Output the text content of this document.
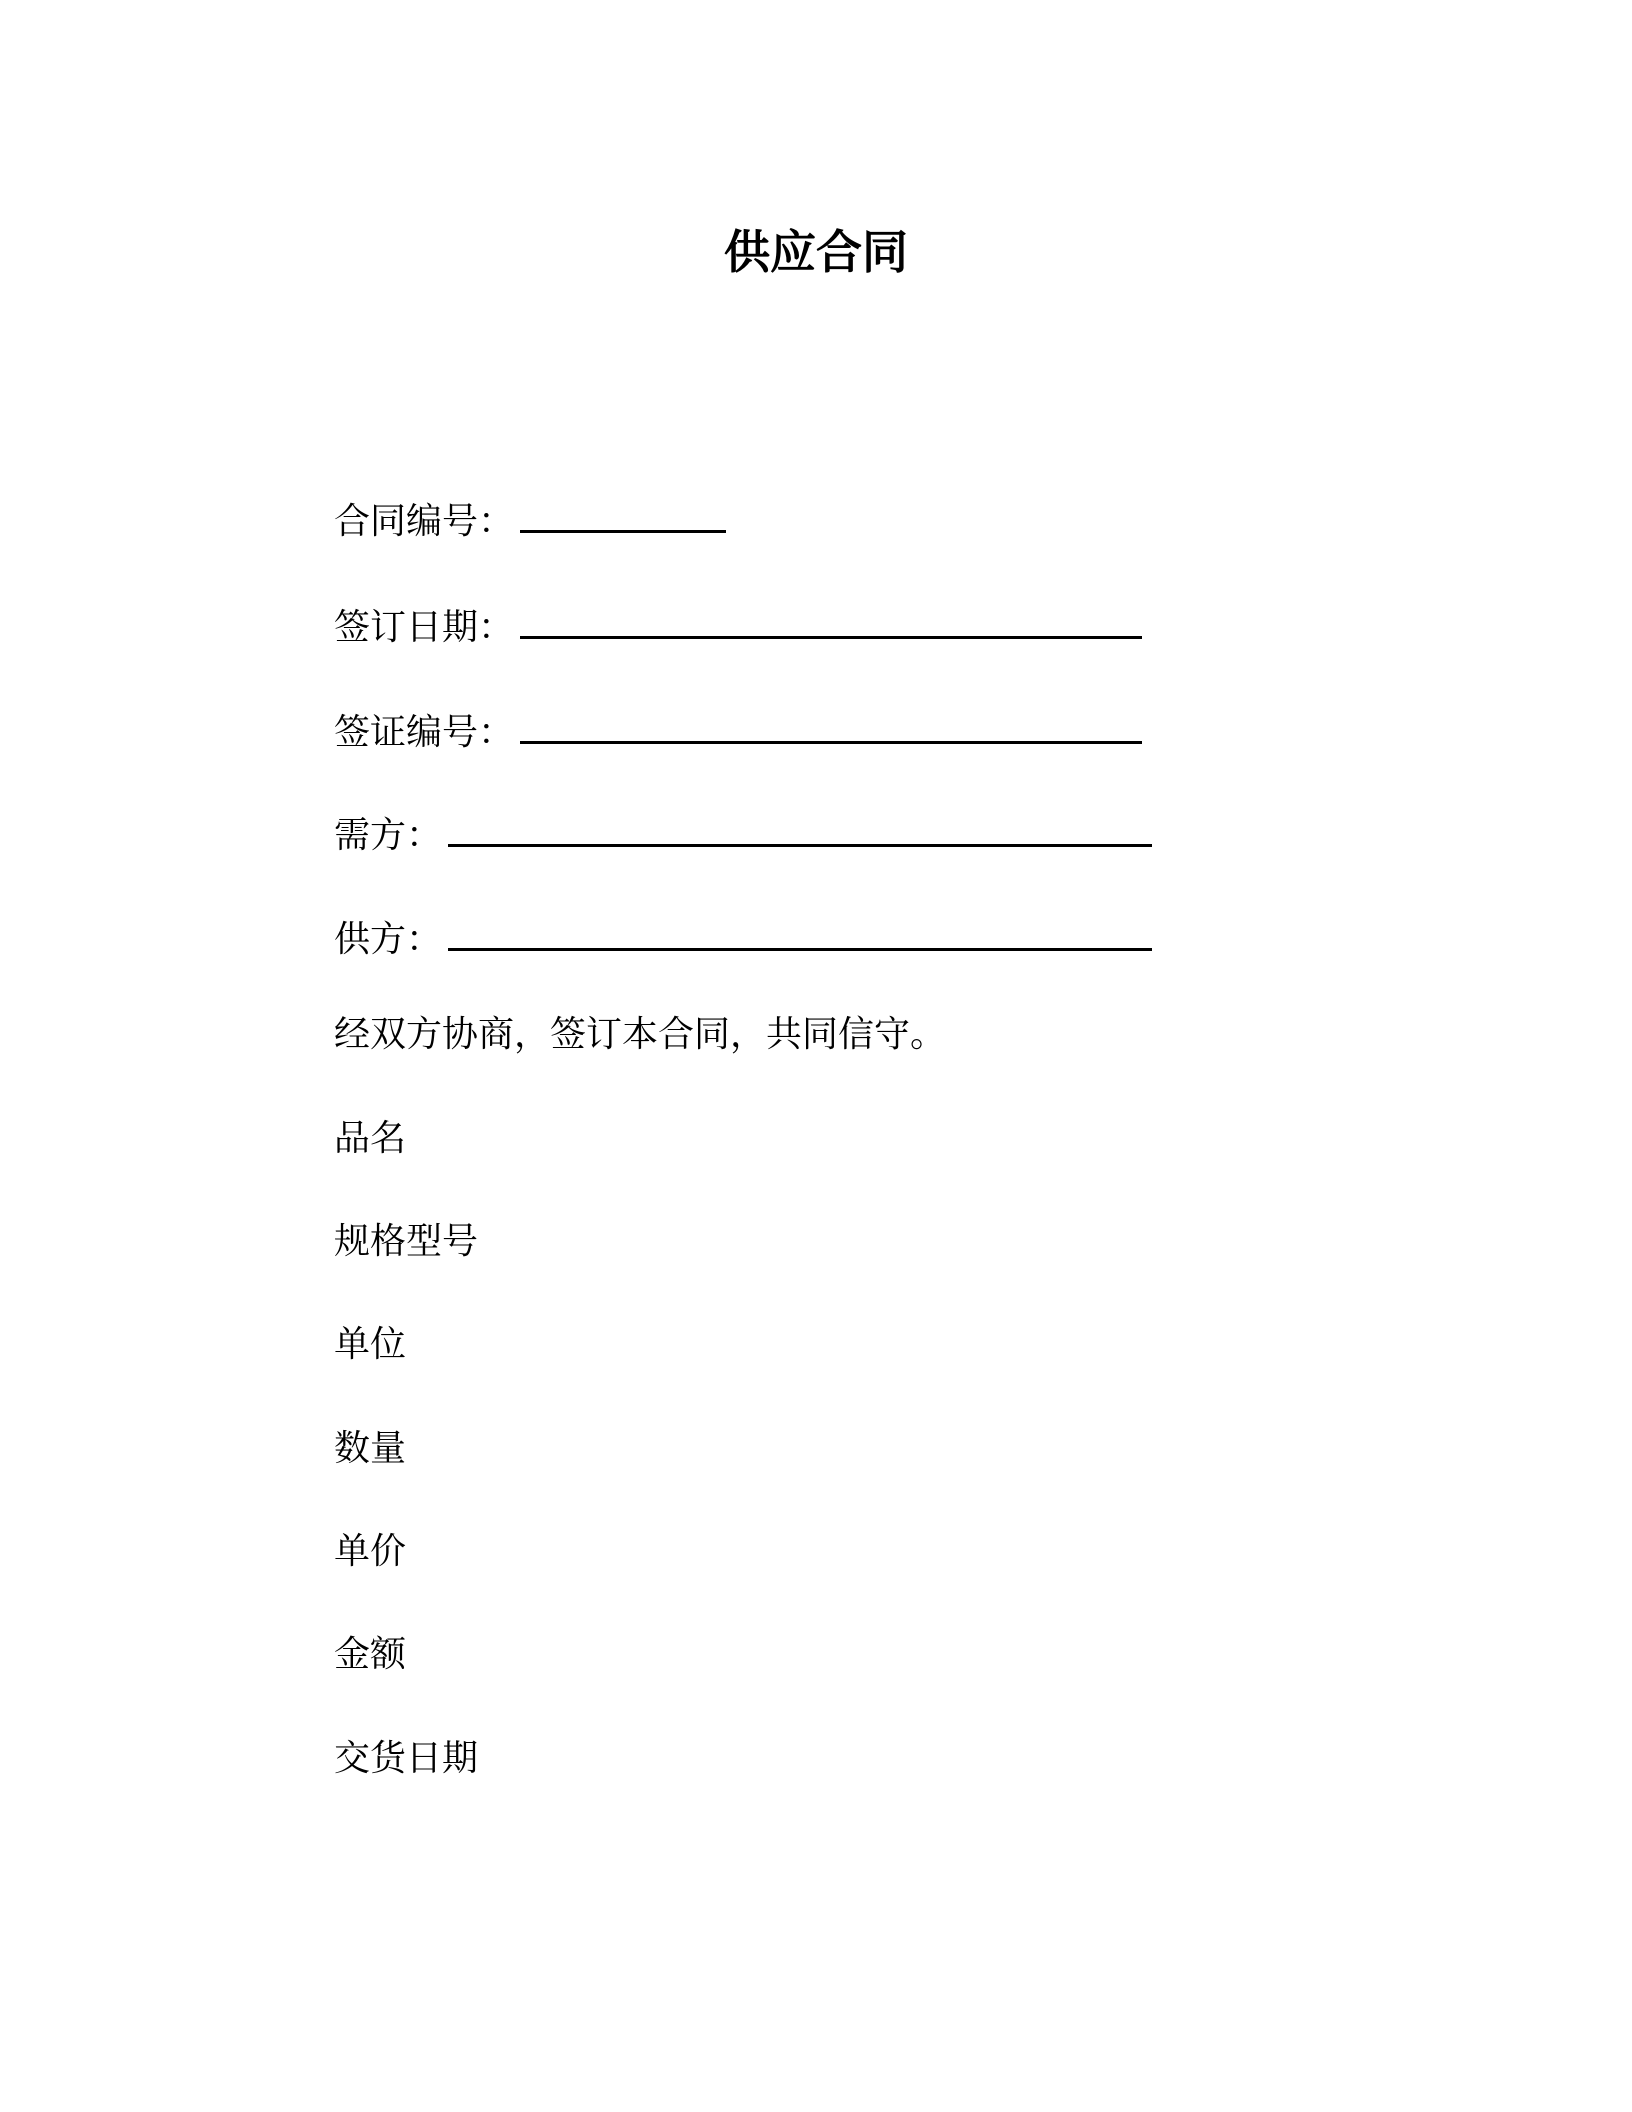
供应合同

合同编号：

签订日期：

签证编号：

需方：

供方：

经双方协商，签订本合同，共同信守。

品名

规格型号

单位

数量

单价

金额

交货日期
